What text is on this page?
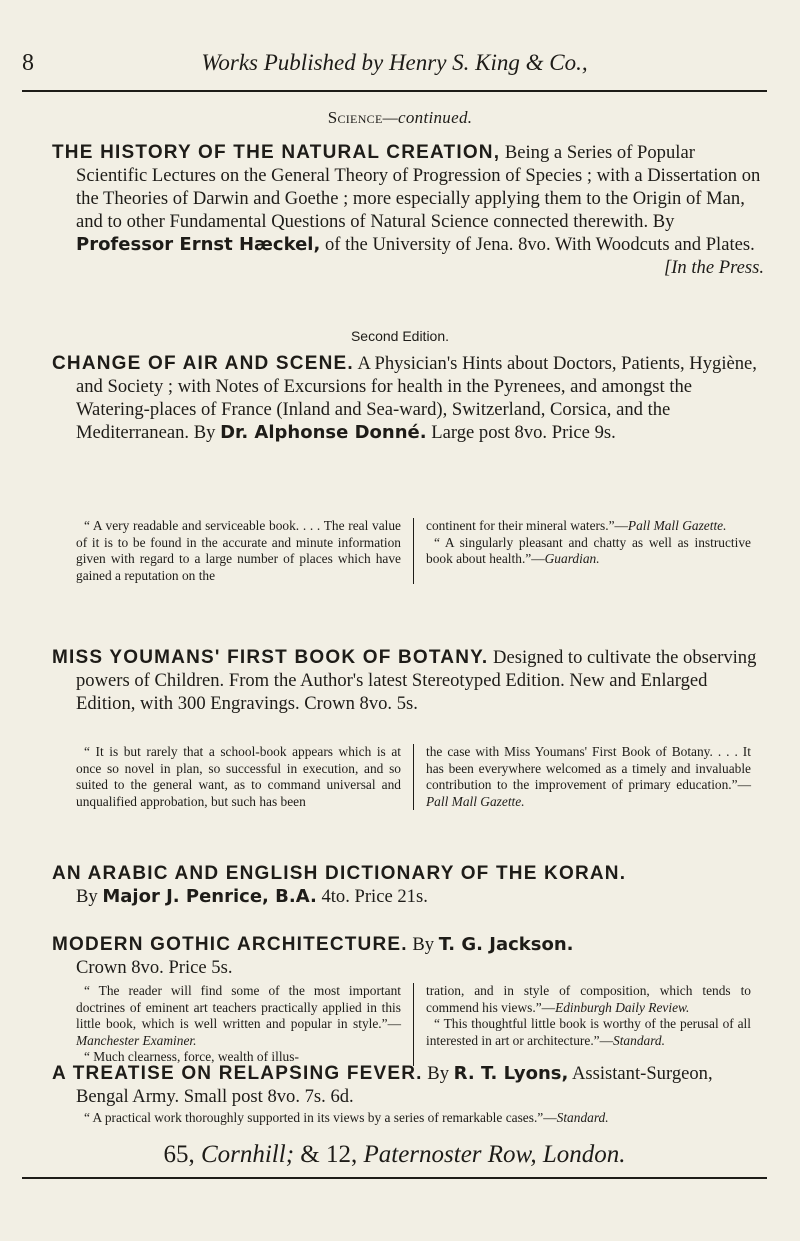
8	Works Published by Henry S. King & Co.,
Science—continued.

THE HISTORY OF THE NATURAL CREATION, Being a Series of Popular Scientific Lectures on the General Theory of Progression of Species ; with a Dissertation on the Theories of Darwin and Goethe ; more especially applying them to the Origin of Man, and to other Fundamental Questions of Natural Science connected therewith. By Professor Ernst Hæckel, of the University of Jena. 8vo. With Woodcuts and Plates.

[In the Press.

Second Edition.

CHANGE OF AIR AND SCENE. A Physician's Hints about Doctors, Patients, Hygiène, and Society ; with Notes of Excursions for health in the Pyrenees, and amongst the Watering-places of France (Inland and Sea-ward), Switzerland, Corsica, and the Mediterranean. By Dr. Alphonse Donné. Large post 8vo. Price 9s.

“ A very readable and serviceable book. . . . The real value of it is to be found in the accurate and minute information given with regard to a large number of places which have gained a reputation on the

continent for their mineral waters.”—Pall Mall Gazette.

“ A singularly pleasant and chatty as well as instructive book about health.”—Guardian.

MISS YOUMANS' FIRST BOOK OF BOTANY. Designed to cultivate the observing powers of Children. From the Author's latest Stereotyped Edition. New and Enlarged Edition, with 300 Engravings. Crown 8vo. 5s.

“ It is but rarely that a school-book appears which is at once so novel in plan, so successful in execution, and so suited to the general want, as to command universal and unqualified approbation, but such has been

the case with Miss Youmans' First Book of Botany. . . . It has been everywhere welcomed as a timely and invaluable contribution to the improvement of primary education.”—Pall Mall Gazette.

AN ARABIC AND ENGLISH DICTIONARY OF THE KORAN.
By Major J. Penrice, B.A. 4to. Price 21s.

MODERN GOTHIC ARCHITECTURE. By T. G. Jackson.
Crown 8vo. Price 5s.

“ The reader will find some of the most important doctrines of eminent art teachers practically applied in this little book, which is well written and popular in style.”—Manchester Examiner.

“ Much clearness, force, wealth of illus-

tration, and in style of composition, which tends to commend his views.”—Edinburgh Daily Review.

“ This thoughtful little book is worthy of the perusal of all interested in art or architecture.”—Standard.

A TREATISE ON RELAPSING FEVER. By R. T. Lyons, Assistant-Surgeon, Bengal Army. Small post 8vo. 7s. 6d.

“ A practical work thoroughly supported in its views by a series of remarkable cases.”—Standard.
65, Cornhill; & 12, Paternoster Row, London.
